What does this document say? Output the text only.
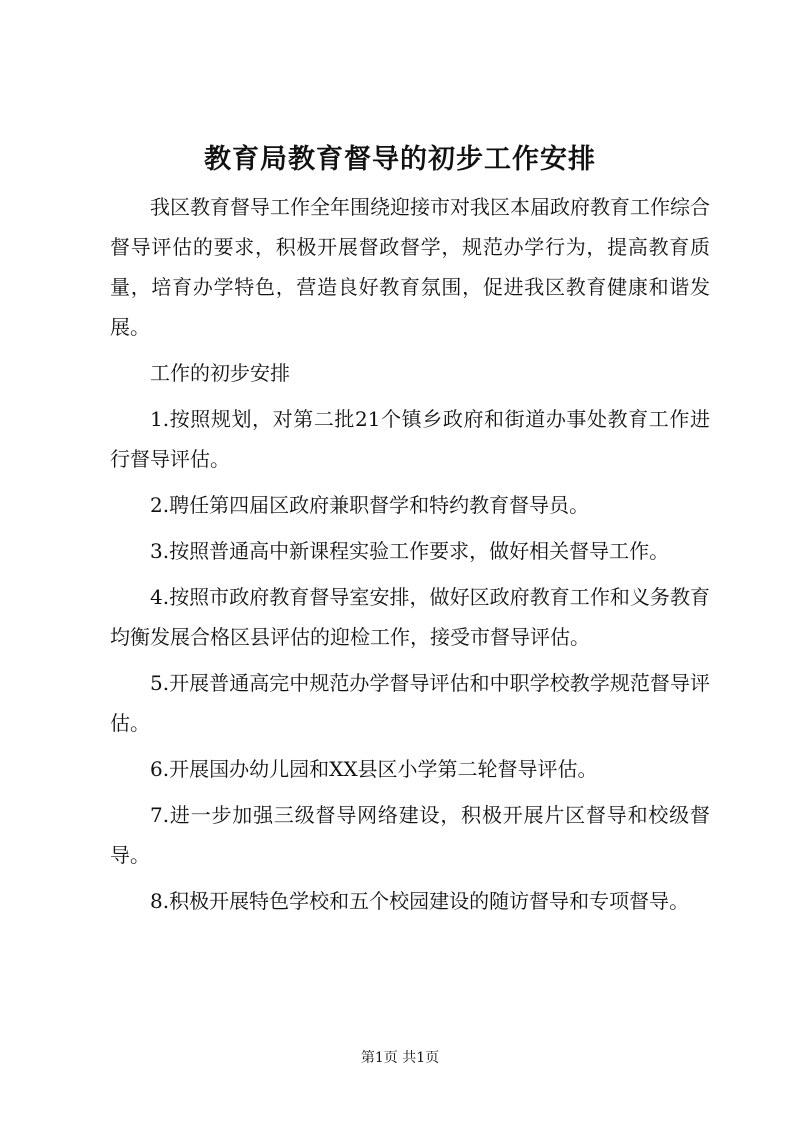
教育局教育督导的初步工作安排

我区教育督导工作全年围绕迎接市对我区本届政府教育工作综合督导评估的要求，积极开展督政督学，规范办学行为，提高教育质量，培育办学特色，营造良好教育氛围，促进我区教育健康和谐发展。

工作的初步安排

1.按照规划，对第二批21个镇乡政府和街道办事处教育工作进行督导评估。

2.聘任第四届区政府兼职督学和特约教育督导员。

3.按照普通高中新课程实验工作要求，做好相关督导工作。

4.按照市政府教育督导室安排，做好区政府教育工作和义务教育均衡发展合格区县评估的迎检工作，接受市督导评估。

5.开展普通高完中规范办学督导评估和中职学校教学规范督导评估。

6.开展国办幼儿园和XX县区小学第二轮督导评估。

7.进一步加强三级督导网络建设，积极开展片区督导和校级督导。

8.积极开展特色学校和五个校园建设的随访督导和专项督导。

第1页 共1页
